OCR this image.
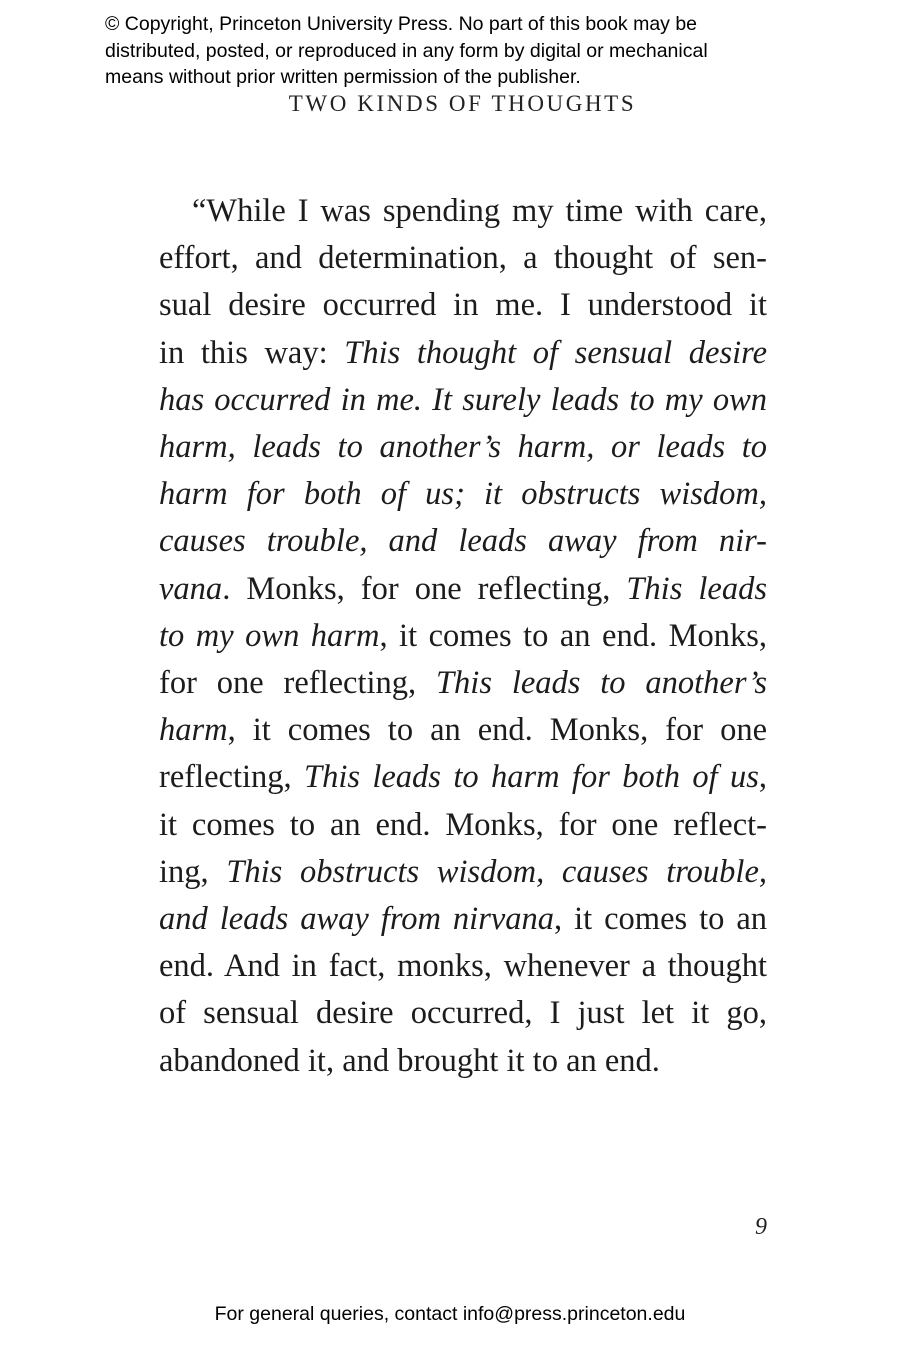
© Copyright, Princeton University Press. No part of this book may be
distributed, posted, or reproduced in any form by digital or mechanical
means without prior written permission of the publisher.
TWO KINDS OF THOUGHTS
“While I was spending my time with care,
effort, and determination, a thought of sen-
sual desire occurred in me. I understood it
in this way: This thought of sensual desire
has occurred in me. It surely leads to my own
harm, leads to another’s harm, or leads to
harm for both of us; it obstructs wisdom,
causes trouble, and leads away from nir-
vana. Monks, for one reflecting, This leads
to my own harm, it comes to an end. Monks,
for one reflecting, This leads to another’s
harm, it comes to an end. Monks, for one
reflecting, This leads to harm for both of us,
it comes to an end. Monks, for one reflect-
ing, This obstructs wisdom, causes trouble,
and leads away from nirvana, it comes to an
end. And in fact, monks, whenever a thought
of sensual desire occurred, I just let it go,
abandoned it, and brought it to an end.
9
For general queries, contact info@press.princeton.edu
